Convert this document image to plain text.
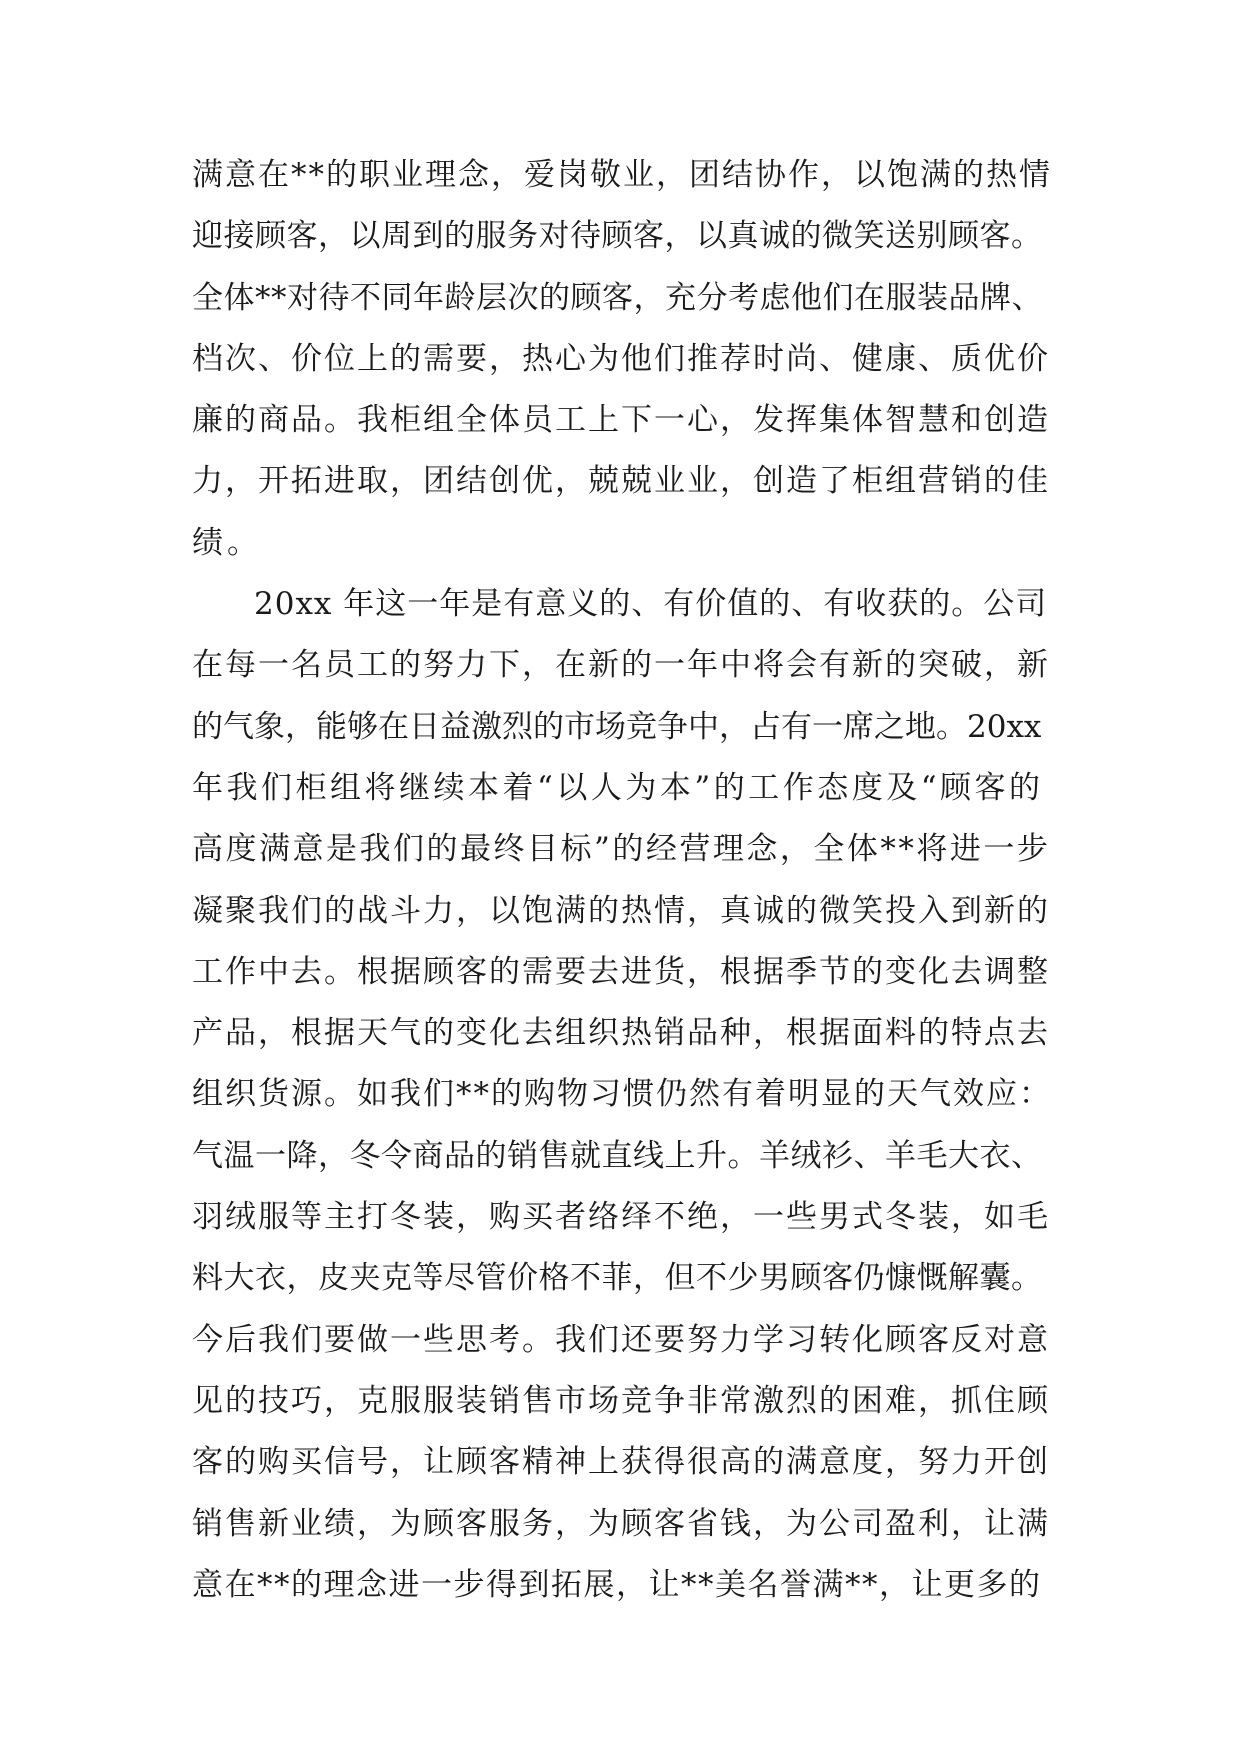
满意在**的职业理念，爱岗敬业，团结协作，以饱满的热情
迎接顾客，以周到的服务对待顾客，以真诚的微笑送别顾客。
全体**对待不同年龄层次的顾客，充分考虑他们在服装品牌、
档次、价位上的需要，热心为他们推荐时尚、健康、质优价
廉的商品。我柜组全体员工上下一心，发挥集体智慧和创造
力，开拓进取，团结创优，兢兢业业，创造了柜组营销的佳
绩。
20xx 年这一年是有意义的、有价值的、有收获的。公司
在每一名员工的努力下，在新的一年中将会有新的突破，新
的气象，能够在日益激烈的市场竞争中，占有一席之地。20xx
年我们柜组将继续本着“以人为本”的工作态度及“顾客的
高度满意是我们的最终目标”的经营理念，全体**将进一步
凝聚我们的战斗力，以饱满的热情，真诚的微笑投入到新的
工作中去。根据顾客的需要去进货，根据季节的变化去调整
产品，根据天气的变化去组织热销品种，根据面料的特点去
组织货源。如我们**的购物习惯仍然有着明显的天气效应：
气温一降，冬令商品的销售就直线上升。羊绒衫、羊毛大衣、
羽绒服等主打冬装，购买者络绎不绝，一些男式冬装，如毛
料大衣，皮夹克等尽管价格不菲，但不少男顾客仍慷慨解囊。
今后我们要做一些思考。我们还要努力学习转化顾客反对意
见的技巧，克服服装销售市场竞争非常激烈的困难，抓住顾
客的购买信号，让顾客精神上获得很高的满意度，努力开创
销售新业绩，为顾客服务，为顾客省钱，为公司盈利，让满
意在**的理念进一步得到拓展，让**美名誉满**，让更多的
